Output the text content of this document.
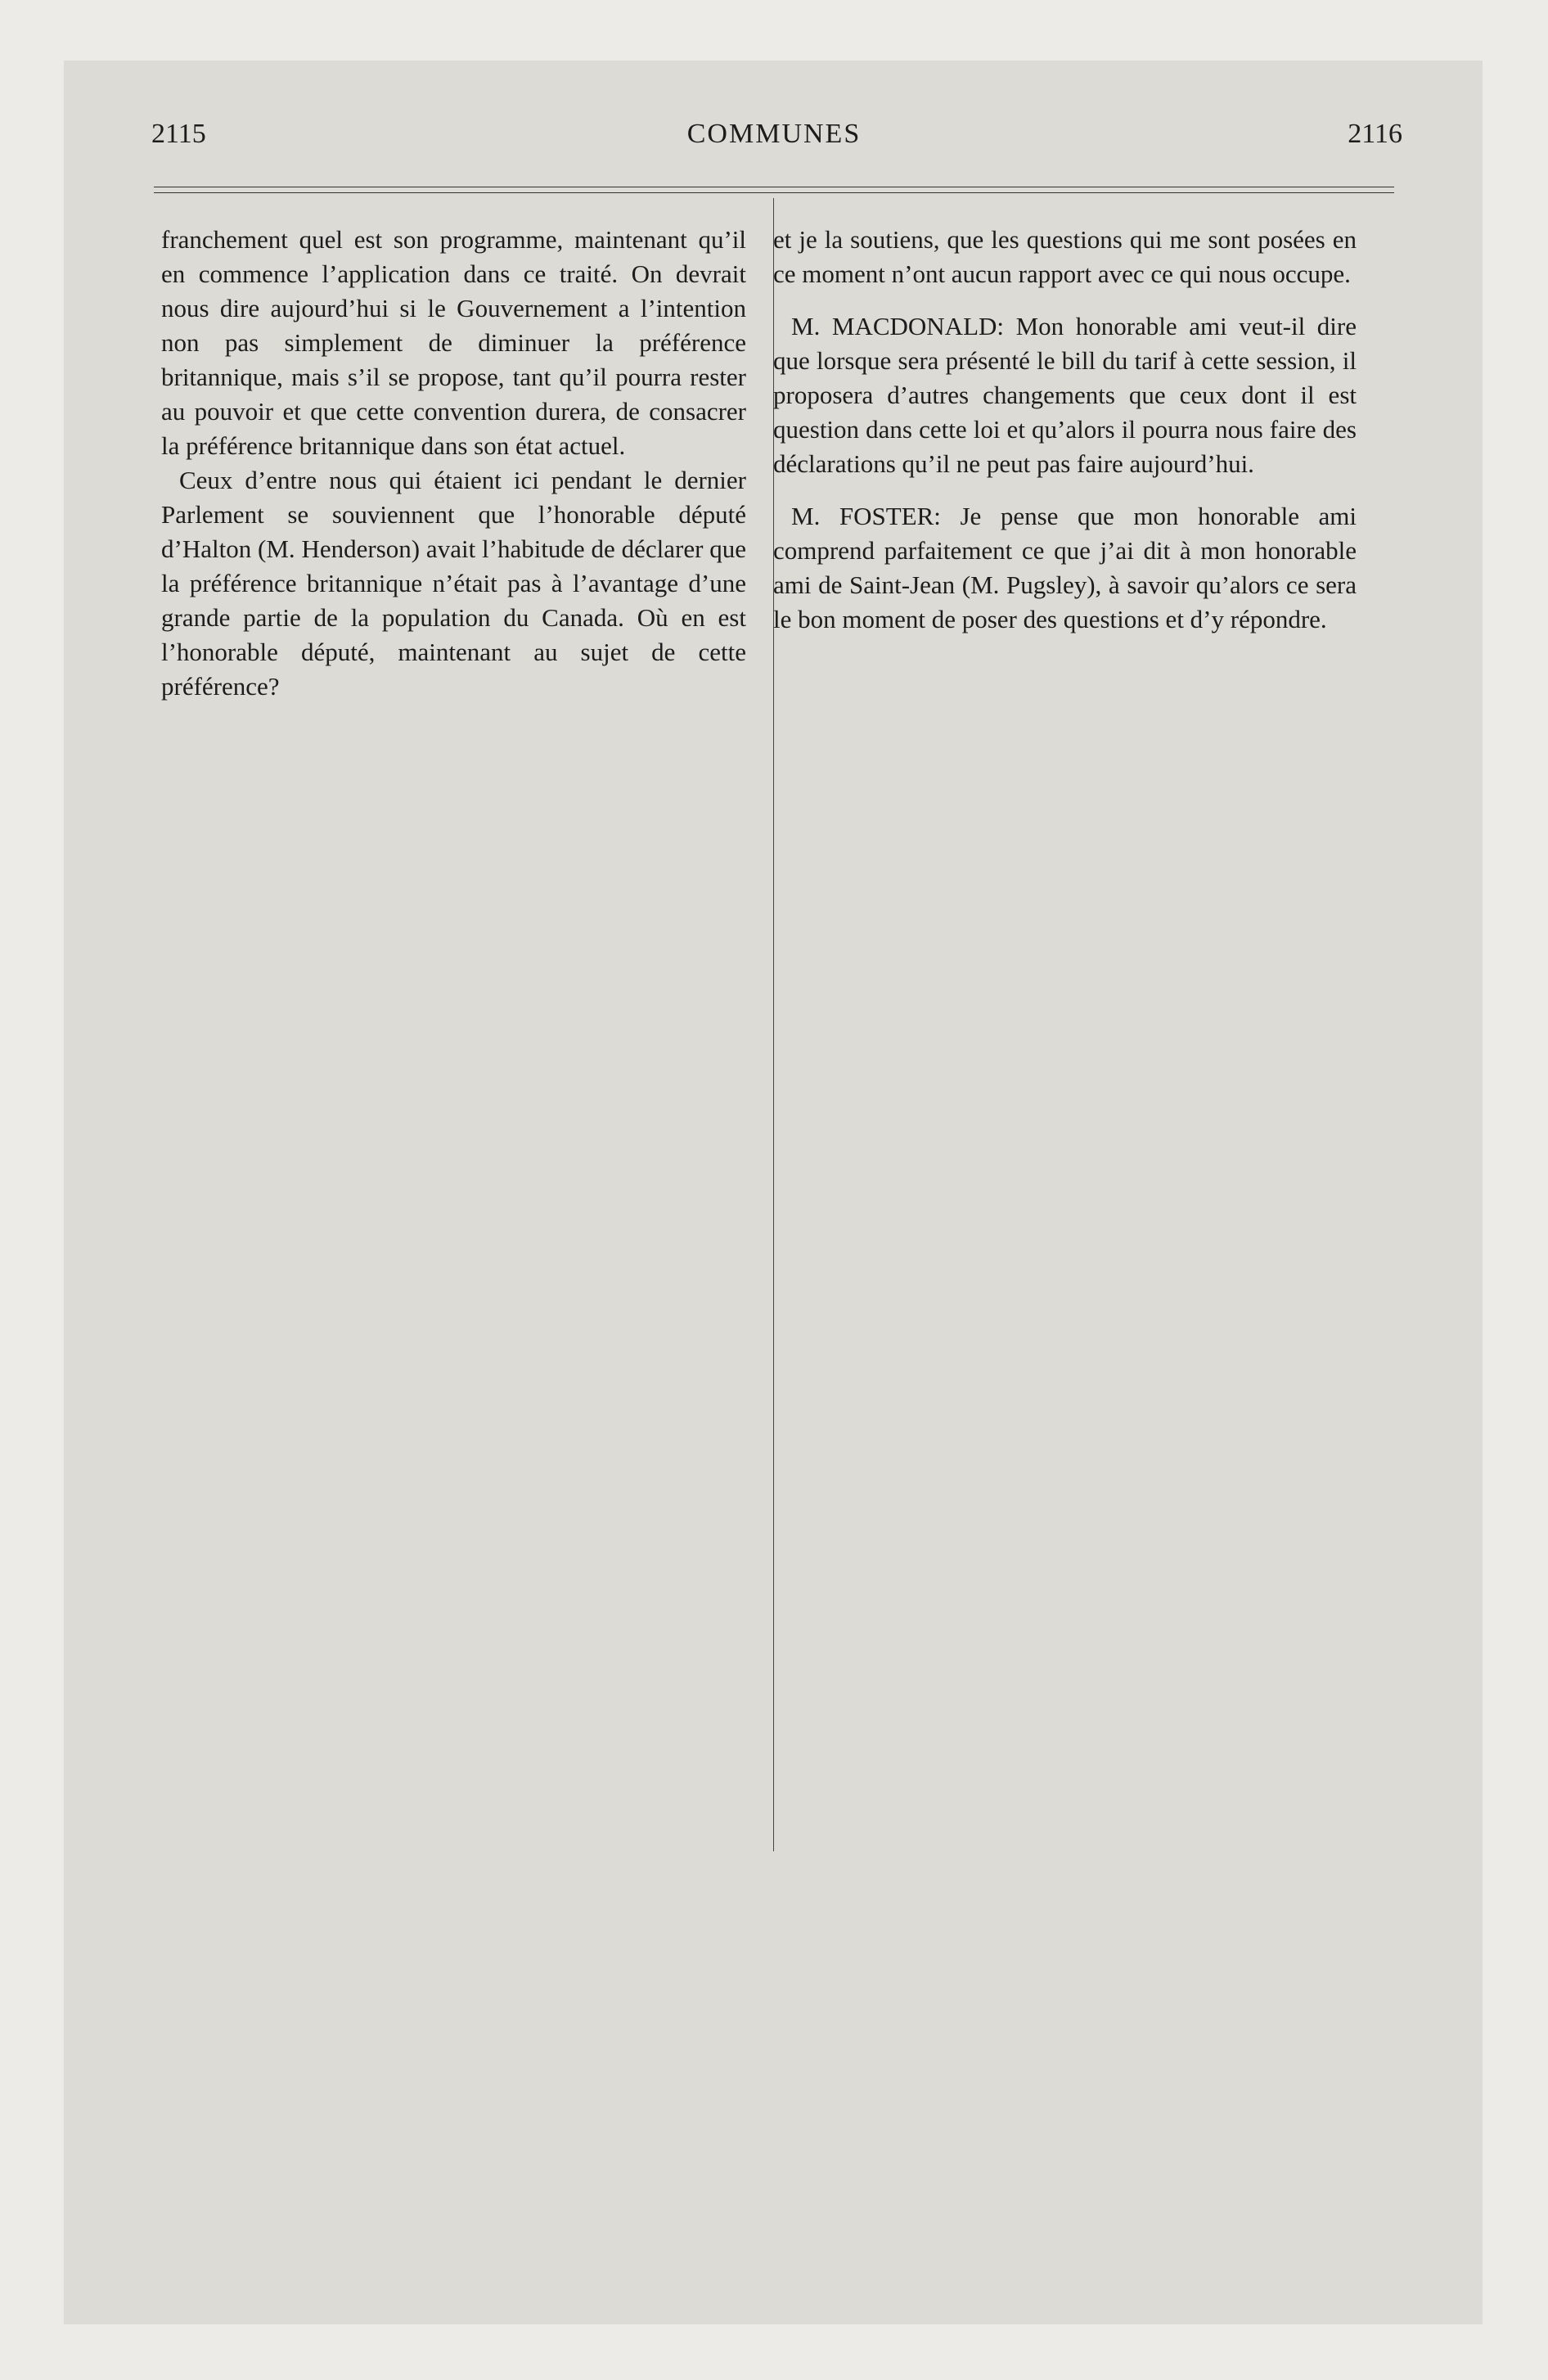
2115	COMMUNES	2116

franchement quel est son programme, maintenant qu’il en commence l’application dans ce traité. On devrait nous dire aujourd’hui si le Gouvernement a l’intention non pas simplement de diminuer la préférence britannique, mais s’il se propose, tant qu’il pourra rester au pouvoir et que cette convention durera, de consacrer la préférence britannique dans son état actuel.

Ceux d’entre nous qui étaient ici pendant le dernier Parlement se souviennent que l’honorable député d’Halton (M. Henderson) avait l’habitude de déclarer que la préférence britannique n’était pas à l’avantage d’une grande partie de la population du Canada. Où en est l’honorable député, maintenant au sujet de cette préférence?

et je la soutiens, que les questions qui me sont posées en ce moment n’ont aucun rapport avec ce qui nous occupe.

M. MACDONALD: Mon honorable ami veut-il dire que lorsque sera présenté le bill du tarif à cette session, il proposera d’autres changements que ceux dont il est question dans cette loi et qu’alors il pourra nous faire des déclarations qu’il ne peut pas faire aujourd’hui.

M. FOSTER: Je pense que mon honorable ami comprend parfaitement ce que j’ai dit à mon honorable ami de Saint-Jean (M. Pugsley), à savoir qu’alors ce sera le bon moment de poser des questions et d’y répondre.
